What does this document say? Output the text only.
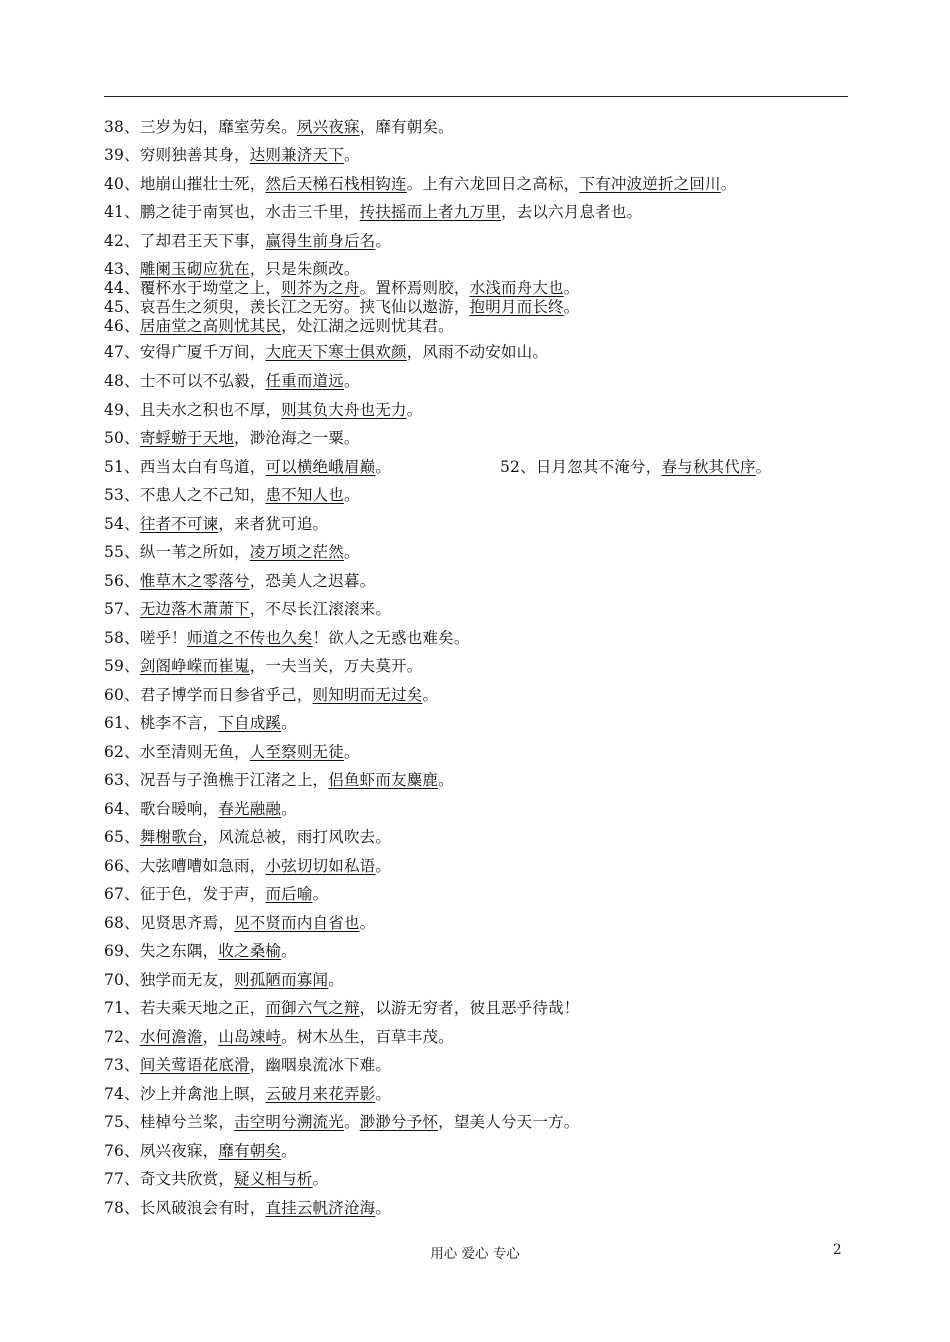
38、三岁为妇，靡室劳矣。夙兴夜寐，靡有朝矣。
39、穷则独善其身，达则兼济天下。
40、地崩山摧壮士死，然后天梯石栈相钩连。上有六龙回日之高标，下有冲波逆折之回川。
41、鹏之徒于南冥也，水击三千里，抟扶摇而上者九万里，去以六月息者也。
42、了却君王天下事，赢得生前身后名。
43、雕阑玉砌应犹在，只是朱颜改。
44、覆杯水于坳堂之上，则芥为之舟。置杯焉则胶，水浅而舟大也。
45、哀吾生之须臾，羡长江之无穷。挟飞仙以遨游，抱明月而长终。
46、居庙堂之高则忧其民，处江湖之远则忧其君。
47、安得广厦千万间，大庇天下寒士俱欢颜，风雨不动安如山。
48、士不可以不弘毅，任重而道远。
49、且夫水之积也不厚，则其负大舟也无力。
50、寄蜉蝣于天地，渺沧海之一粟。
51、西当太白有鸟道，可以横绝峨眉巅。
53、不患人之不己知，患不知人也。
54、往者不可谏，来者犹可追。
55、纵一苇之所如，凌万顷之茫然。
56、惟草木之零落兮，恐美人之迟暮。
57、无边落木萧萧下，不尽长江滚滚来。
58、嗟乎！师道之不传也久矣！欲人之无惑也难矣。
59、剑阁峥嵘而崔嵬，一夫当关，万夫莫开。
60、君子博学而日参省乎己，则知明而无过矣。
61、桃李不言，下自成蹊。
62、水至清则无鱼，人至察则无徒。
63、况吾与子渔樵于江渚之上，侣鱼虾而友麋鹿。
64、歌台暖响，春光融融。
65、舞榭歌台，风流总被，雨打风吹去。
66、大弦嘈嘈如急雨，小弦切切如私语。
67、征于色，发于声，而后喻。
68、见贤思齐焉，见不贤而内自省也。
69、失之东隅，收之桑榆。
70、独学而无友，则孤陋而寡闻。
71、若夫乘天地之正，而御六气之辩，以游无穷者，彼且恶乎待哉！
72、水何澹澹，山岛竦峙。树木丛生，百草丰茂。
73、间关莺语花底滑，幽咽泉流冰下难。
74、沙上并禽池上暝，云破月来花弄影。
75、桂棹兮兰桨，击空明兮溯流光。渺渺兮予怀，望美人兮天一方。
76、夙兴夜寐，靡有朝矣。
77、奇文共欣赏，疑义相与析。
78、长风破浪会有时，直挂云帆济沧海。
52、日月忽其不淹兮，春与秋其代序。
用心 爱心 专心	2
